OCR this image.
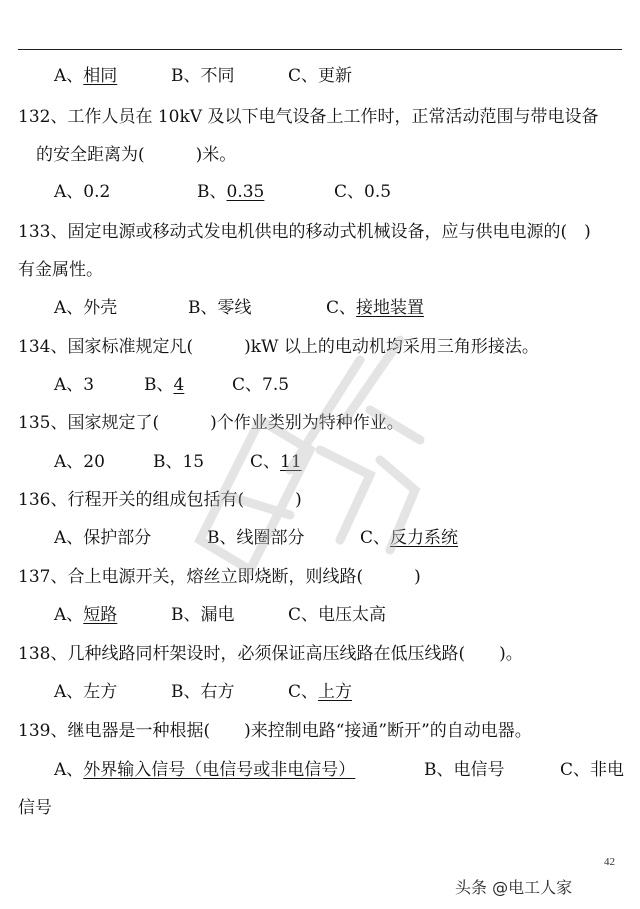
A、相同	B、不同	C、更新
132、工作人员在 10kV 及以下电气设备上工作时，正常活动范围与带电设备
的安全距离为(　　　)米。
A、0.2	B、0.35	C、0.5
133、固定电源或移动式发电机供电的移动式机械设备，应与供电电源的(　)
有金属性。
A、外壳	B、零线	C、接地装置
134、国家标准规定凡(　　　)kW 以上的电动机均采用三角形接法。
A、3	B、4	C、7.5
135、国家规定了(　　　)个作业类别为特种作业。
A、20	B、15	C、11
136、行程开关的组成包括有(　　　)
A、保护部分	B、线圈部分	C、反力系统
137、合上电源开关，熔丝立即烧断，则线路(　　　)
A、短路	B、漏电	C、电压太高
138、几种线路同杆架设时，必须保证高压线路在低压线路(　　)。
A、左方	B、右方	C、上方
139、继电器是一种根据(　　)来控制电路“接通”断开”的自动电器。
A、外界输入信号（电信号或非电信号）	B、电信号	C、非电
信号
42
头条 @电工人家
